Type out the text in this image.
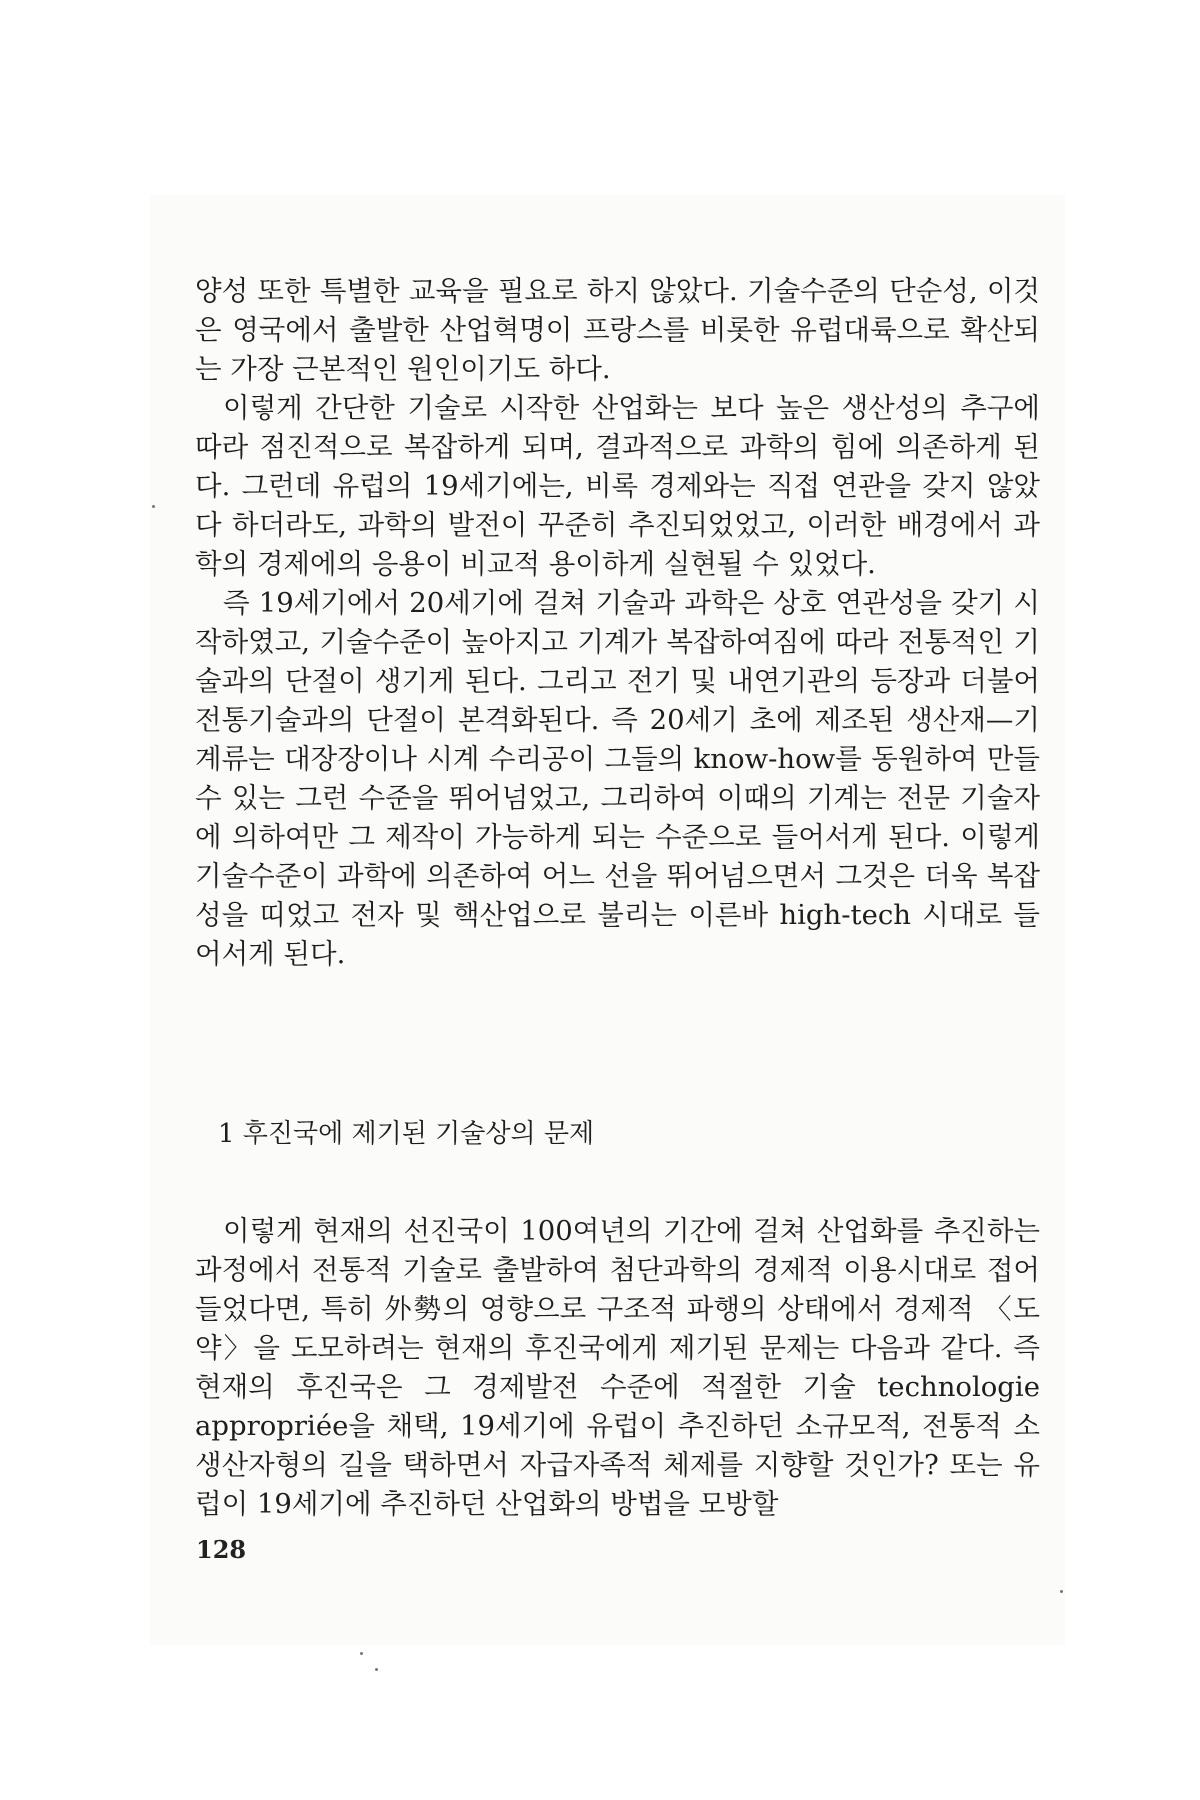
양성 또한 특별한 교육을 필요로 하지 않았다. 기술수준의 단순성, 이것은 영국에서 출발한 산업혁명이 프랑스를 비롯한 유럽대륙으로 확산되는 가장 근본적인 원인이기도 하다.

이렇게 간단한 기술로 시작한 산업화는 보다 높은 생산성의 추구에 따라 점진적으로 복잡하게 되며, 결과적으로 과학의 힘에 의존하게 된다. 그런데 유럽의 19세기에는, 비록 경제와는 직접 연관을 갖지 않았다 하더라도, 과학의 발전이 꾸준히 추진되었었고, 이러한 배경에서 과학의 경제에의 응용이 비교적 용이하게 실현될 수 있었다.

즉 19세기에서 20세기에 걸쳐 기술과 과학은 상호 연관성을 갖기 시작하였고, 기술수준이 높아지고 기계가 복잡하여짐에 따라 전통적인 기술과의 단절이 생기게 된다. 그리고 전기 및 내연기관의 등장과 더불어 전통기술과의 단절이 본격화된다. 즉 20세기 초에 제조된 생산재—기계류는 대장장이나 시계 수리공이 그들의 know-how를 동원하여 만들 수 있는 그런 수준을 뛰어넘었고, 그리하여 이때의 기계는 전문 기술자에 의하여만 그 제작이 가능하게 되는 수준으로 들어서게 된다. 이렇게 기술수준이 과학에 의존하여 어느 선을 뛰어넘으면서 그것은 더욱 복잡성을 띠었고 전자 및 핵산업으로 불리는 이른바 high-tech 시대로 들어서게 된다.

1 후진국에 제기된 기술상의 문제

이렇게 현재의 선진국이 100여년의 기간에 걸쳐 산업화를 추진하는 과정에서 전통적 기술로 출발하여 첨단과학의 경제적 이용시대로 접어들었다면, 특히 外勢의 영향으로 구조적 파행의 상태에서 경제적 〈도약〉을 도모하려는 현재의 후진국에게 제기된 문제는 다음과 같다. 즉 현재의 후진국은 그 경제발전 수준에 적절한 기술 technologie appropriée을 채택, 19세기에 유럽이 추진하던 소규모적, 전통적 소생산자형의 길을 택하면서 자급자족적 체제를 지향할 것인가? 또는 유럽이 19세기에 추진하던 산업화의 방법을 모방할

128
